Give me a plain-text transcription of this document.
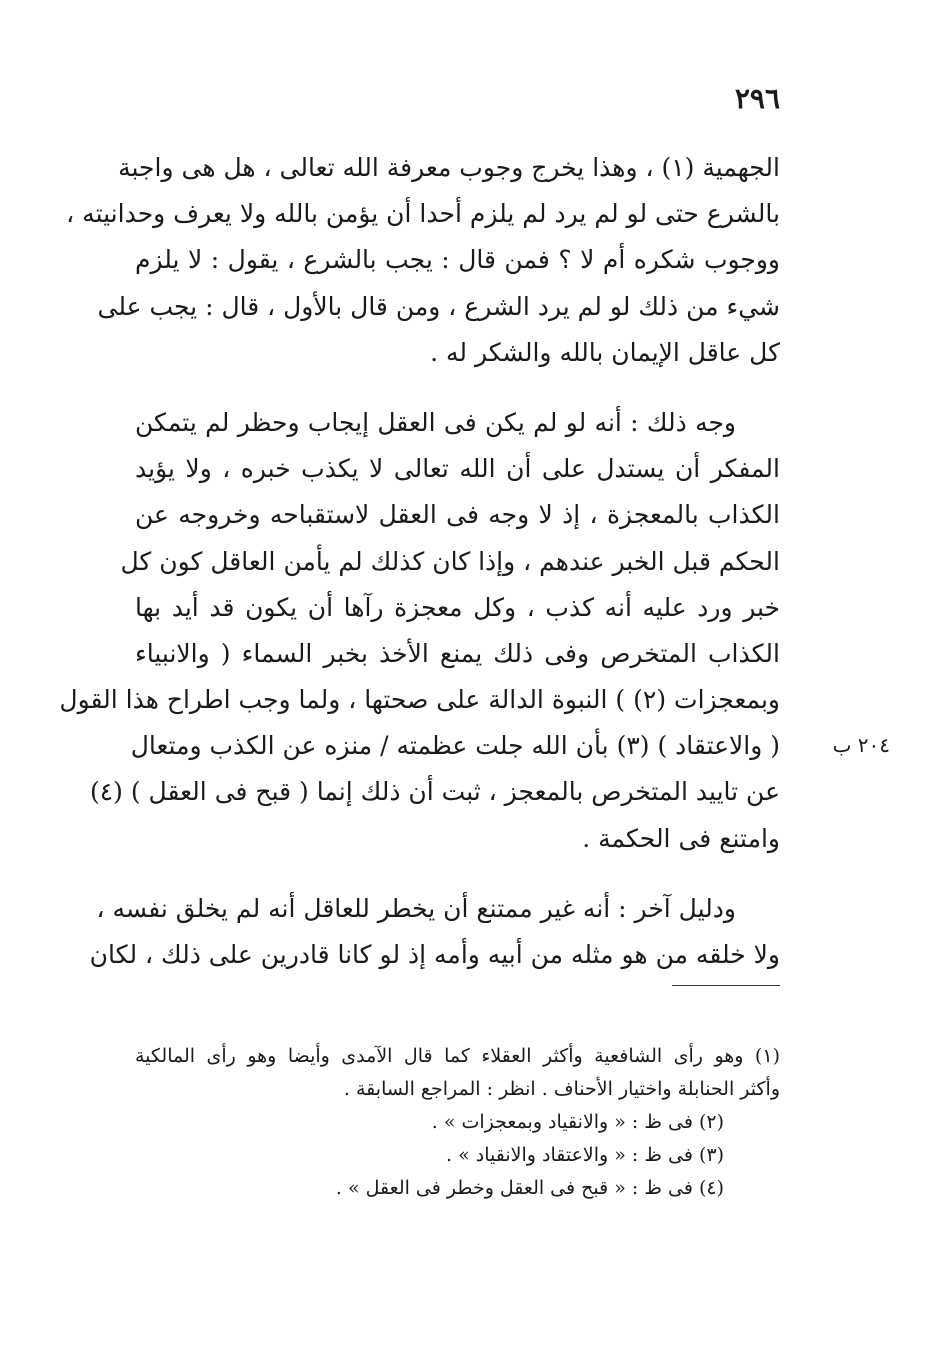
٢٩٦
٢٠٤ ب
الجهمية (١) ، وهذا يخرج وجوب معرفة الله تعالى ، هل هى واجبة
بالشرع حتى لو لم يرد لم يلزم أحدا أن يؤمن بالله ولا يعرف وحدانيته ،
ووجوب شكره أم لا ؟ فمن قال : يجب بالشرع ، يقول : لا يلزم
شيء من ذلك لو لم يرد الشرع ، ومن قال بالأول ، قال : يجب على
كل عاقل الإيمان بالله والشكر له .
وجه ذلك : أنه لو لم يكن فى العقل إيجاب وحظر لم يتمكن
المفكر أن يستدل على أن الله تعالى لا يكذب خبره ، ولا يؤيد
الكذاب بالمعجزة ، إذ لا وجه فى العقل لاستقباحه وخروجه عن
الحكم قبل الخبر عندهم ، وإذا كان كذلك لم يأمن العاقل كون كل
خبر ورد عليه أنه كذب ، وكل معجزة رآها أن يكون قد أيد بها
الكذاب المتخرص وفى ذلك يمنع الأخذ بخبر السماء ( والانبياء
وبمعجزات (٢) ) النبوة الدالة على صحتها ، ولما وجب اطراح هذا القول
( والاعتقاد ) (٣) بأن الله جلت عظمته / منزه عن الكذب ومتعال
عن تاييد المتخرص بالمعجز ، ثبت أن ذلك إنما ( قبح فى العقل ) (٤)
وامتنع فى الحكمة .
ودليل آخر : أنه غير ممتنع أن يخطر للعاقل أنه لم يخلق نفسه ،
ولا خلقه من هو مثله من أبيه وأمه إذ لو كانا قادرين على ذلك ، لكان
(١) وهو رأى الشافعية وأكثر العقلاء كما قال الآمدى وأيضا وهو رأى المالكية
وأكثر الحنابلة واختيار الأحناف . انظر : المراجع السابقة .
(٢) فى ظ : « والانقياد وبمعجزات » .
(٣) فى ظ : « والاعتقاد والانقياد » .
(٤) فى ظ : « قبح فى العقل وخطر فى العقل » .
